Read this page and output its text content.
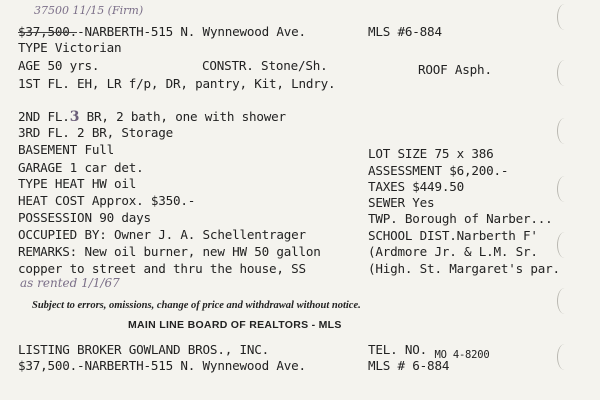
37500 11/15 (Firm)
$37,500.-NARBERTH-515 N. Wynnewood Ave.	MLS #6-884
TYPE Victorian
AGE 50 yrs.	CONSTR. Stone/Sh.	ROOF Asph.
1ST FL. EH, LR f/p, DR, pantry, Kit, Lndry.
2ND FL.3 BR, 2 bath, one with shower
3RD FL. 2 BR, Storage
BASEMENT Full
GARAGE 1 car det.
TYPE HEAT HW oil
HEAT COST Approx. $350.-
POSSESSION 90 days
OCCUPIED BY: Owner J. A. Schellentrager
REMARKS: New oil burner, new HW 50 gallon
copper to street and thru the house, SS
LOT SIZE 75 x 386
ASSESSMENT $6,200.-
TAXES $449.50
SEWER Yes
TWP. Borough of Narber...
SCHOOL DIST.Narberth F'
(Ardmore Jr. & L.M. Sr.
(High. St. Margaret's par.
as rented 1/1/67
Subject to errors, omissions, change of price and withdrawal without notice.
MAIN LINE BOARD OF REALTORS - MLS
LISTING BROKER GOWLAND BROS., INC.	TEL. NO. $_{MO 4-8200}$
$37,500.-NARBERTH-515 N. Wynnewood Ave.	MLS # 6-884
